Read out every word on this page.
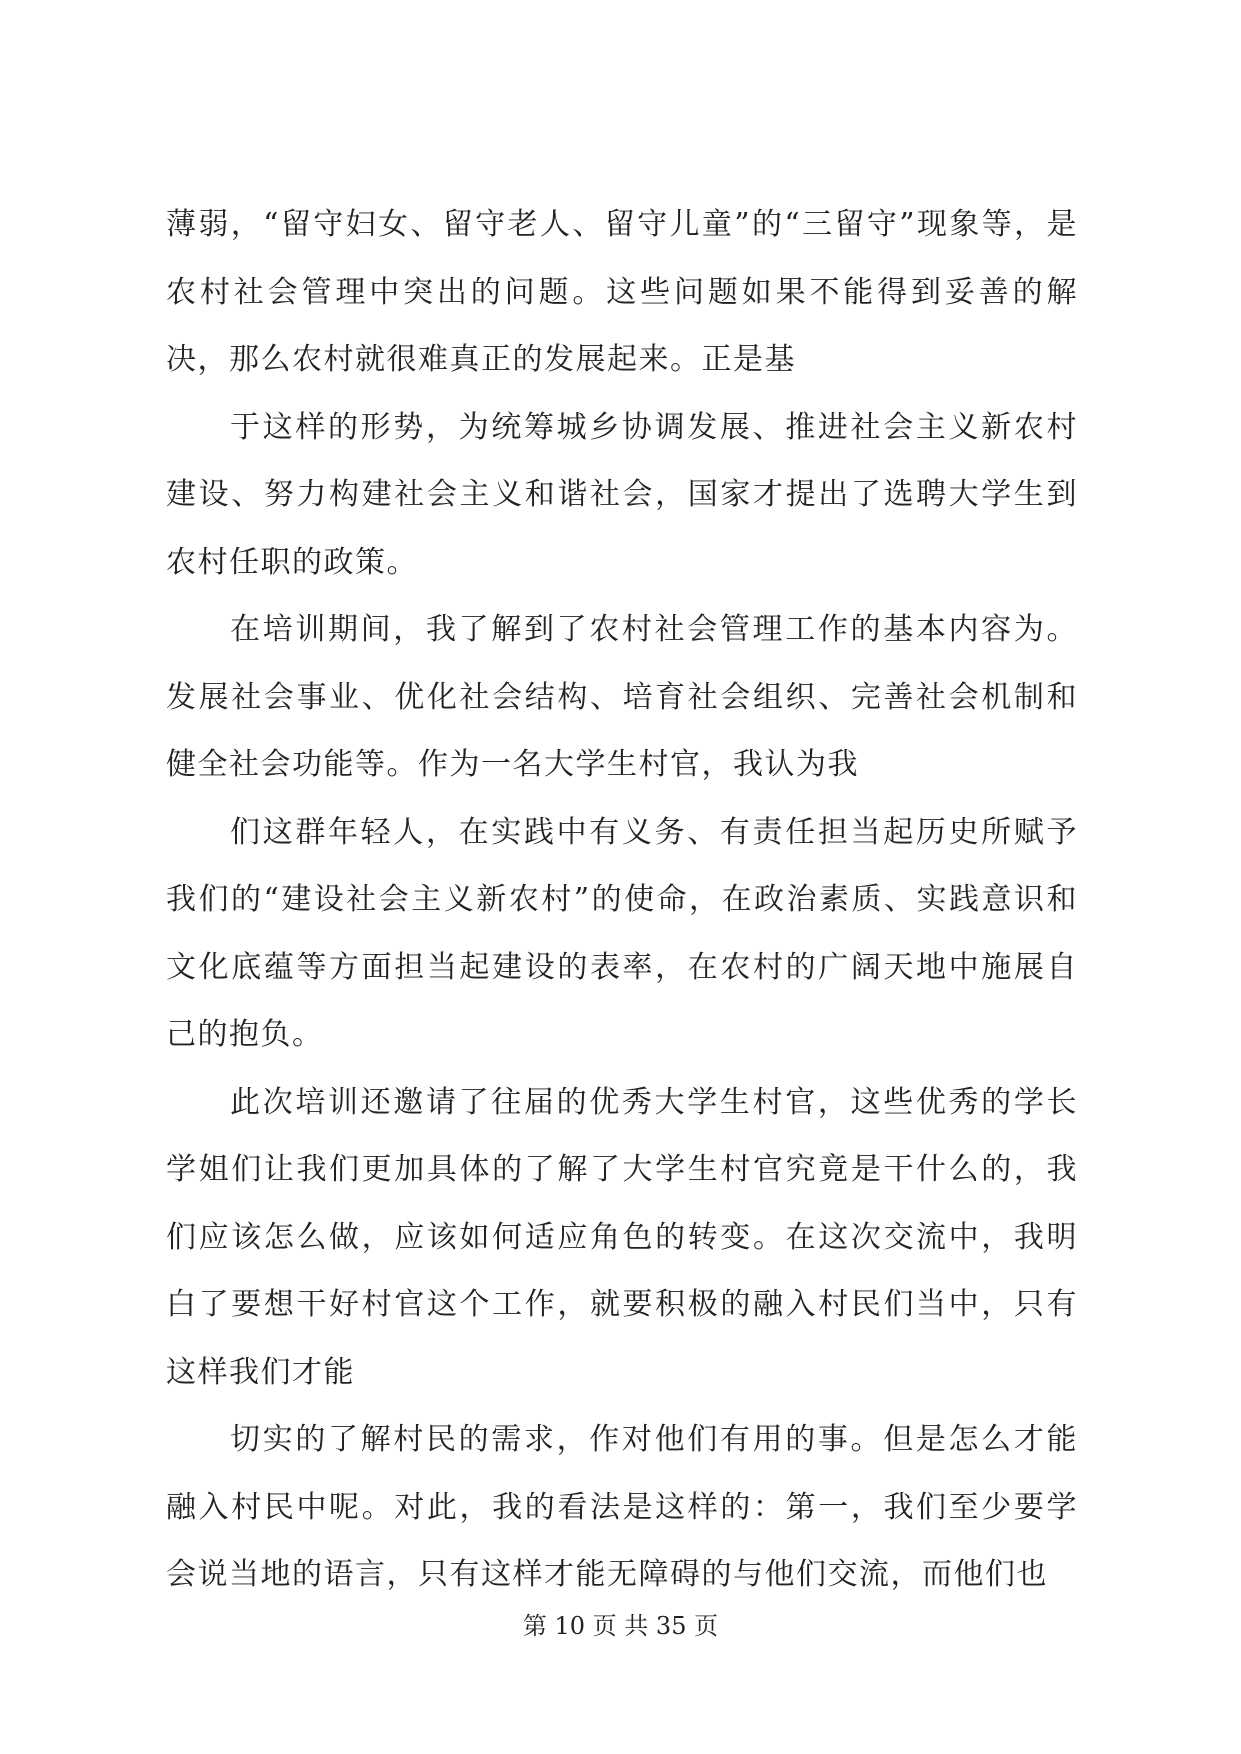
薄弱，“留守妇女、留守老人、留守儿童”的“三留守”现象等，是农村社会管理中突出的问题。这些问题如果不能得到妥善的解决，那么农村就很难真正的发展起来。正是基

于这样的形势，为统筹城乡协调发展、推进社会主义新农村建设、努力构建社会主义和谐社会，国家才提出了选聘大学生到农村任职的政策。

在培训期间，我了解到了农村社会管理工作的基本内容为。发展社会事业、优化社会结构、培育社会组织、完善社会机制和健全社会功能等。作为一名大学生村官，我认为我

们这群年轻人，在实践中有义务、有责任担当起历史所赋予我们的“建设社会主义新农村”的使命，在政治素质、实践意识和文化底蕴等方面担当起建设的表率，在农村的广阔天地中施展自己的抱负。

此次培训还邀请了往届的优秀大学生村官，这些优秀的学长学姐们让我们更加具体的了解了大学生村官究竟是干什么的，我们应该怎么做，应该如何适应角色的转变。在这次交流中，我明白了要想干好村官这个工作，就要积极的融入村民们当中，只有这样我们才能

切实的了解村民的需求，作对他们有用的事。但是怎么才能融入村民中呢。对此，我的看法是这样的：第一，我们至少要学会说当地的语言，只有这样才能无障碍的与他们交流，而他们也

第 10 页 共 35 页
